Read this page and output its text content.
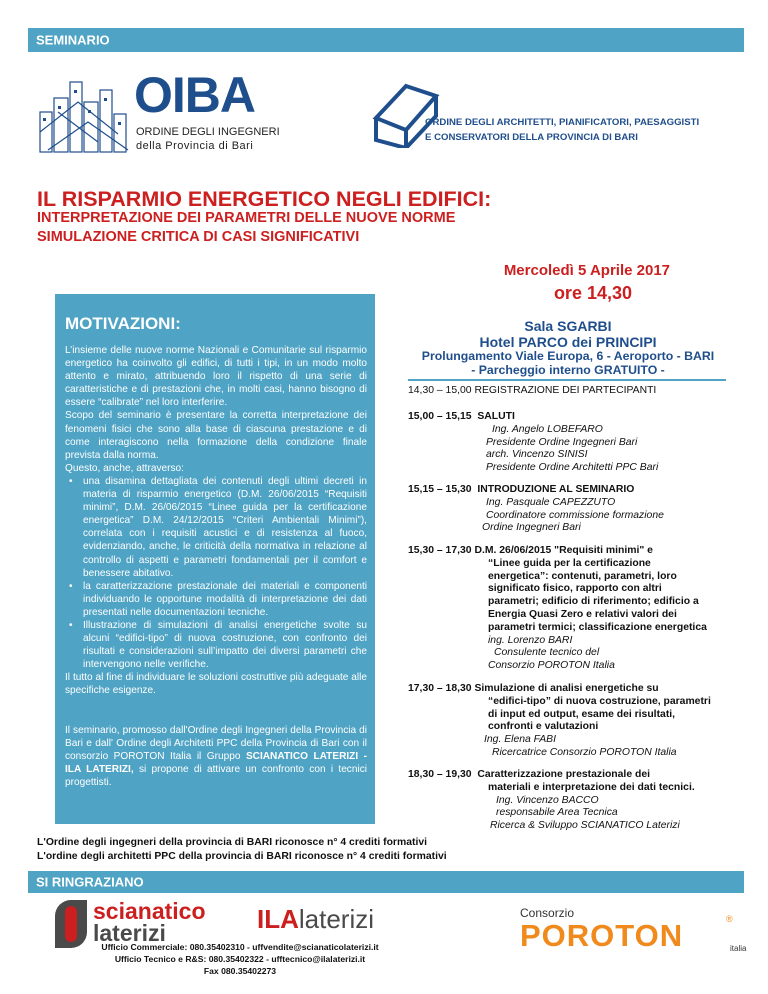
SEMINARIO
OIBA
ORDINE DEGLI INGEGNERI
della Provincia di Bari
ORDINE DEGLI ARCHITETTI, PIANIFICATORI, PAESAGGISTI
E CONSERVATORI DELLA PROVINCIA DI BARI
IL RISPARMIO ENERGETICO NEGLI EDIFICI:
INTERPRETAZIONE DEI PARAMETRI DELLE NUOVE NORME
SIMULAZIONE CRITICA DI CASI SIGNIFICATIVI
Mercoledì 5 Aprile 2017
ore 14,30
Sala SGARBI
Hotel PARCO dei PRINCIPI
Prolungamento Viale Europa, 6 - Aeroporto - BARI
- Parcheggio interno GRATUITO -
MOTIVAZIONI:

L’insieme delle nuove norme Nazionali e Comunitarie sul risparmio energetico ha coinvolto gli edifici, di tutti i tipi, in un modo molto attento e mirato, attribuendo loro il rispetto di una serie di caratteristiche e di prestazioni che, in molti casi, hanno bisogno di essere “calibrate” nel loro interferire.

Scopo del seminario è presentare la corretta interpretazione dei fenomeni fisici che sono alla base di ciascuna prestazione e di come interagiscono nella formazione della condizione finale prevista dalla norma.

Questo, anche, attraverso:

• una disamina dettagliata dei contenuti degli ultimi decreti in materia di risparmio energetico (D.M. 26/06/2015 “Requisiti minimi”, D.M. 26/06/2015 “Linee guida per la certificazione energetica” D.M. 24/12/2015 “Criteri Ambientali Minimi”), correlata con i requisiti acustici e di resistenza al fuoco, evidenziando, anche, le criticità della normativa in relazione al controllo di aspetti e parametri fondamentali per il comfort e benessere abitativo.
• la caratterizzazione prestazionale dei materiali e componenti individuando le opportune modalità di interpretazione dei dati presentati nelle documentazioni tecniche.
• Illustrazione di simulazioni di analisi energetiche svolte su alcuni “edifici-tipo” di nuova costruzione, con confronto dei risultati e considerazioni sull’impatto dei diversi parametri che intervengono nelle verifiche.

Il tutto al fine di individuare le soluzioni costruttive più adeguate alle specifiche esigenze.

Il seminario, promosso dall'Ordine degli Ingegneri della Provincia di Bari e dall' Ordine degli Architetti PPC della Provincia di Bari con il consorzio POROTON Italia il Gruppo SCIANATICO LATERIZI - ILA LATERIZI, si propone di attivare un confronto con i tecnici progettisti.

14,30 – 15,00 REGISTRAZIONE DEI PARTECIPANTI
15,00 – 15,15 SALUTI
Ing. Angelo LOBEFARO
Presidente Ordine Ingegneri Bari
arch. Vincenzo SINISI
Presidente Ordine Architetti PPC Bari
15,15 – 15,30 INTRODUZIONE AL SEMINARIO
Ing. Pasquale CAPEZZUTO
Coordinatore commissione formazione
Ordine Ingegneri Bari
15,30 – 17,30 D.M. 26/06/2015 "Requisiti minimi" e
“Linee guida per la certificazione
energetica”: contenuti, parametri, loro
significato fisico, rapporto con altri
parametri; edificio di riferimento; edificio a
Energia Quasi Zero e relativi valori dei
parametri termici; classificazione energetica
ing. Lorenzo BARI
Consulente tecnico del
Consorzio POROTON Italia
17,30 – 18,30 Simulazione di analisi energetiche su
“edifici-tipo” di nuova costruzione, parametri
di input ed output, esame dei risultati,
confronti e valutazioni
Ing. Elena FABI
Ricercatrice Consorzio POROTON Italia
18,30 – 19,30 Caratterizzazione prestazionale dei
materiali e interpretazione dei dati tecnici.
Ing. Vincenzo BACCO
responsabile Area Tecnica
Ricerca & Sviluppo SCIANATICO Laterizi
L'Ordine degli ingegneri della provincia di BARI riconosce n° 4 crediti formativi
L'ordine degli architetti PPC della provincia di BARI riconosce n° 4 crediti formativi
SI RINGRAZIANO
scianatico
laterizi	ILAlaterizi
Ufficio Commerciale: 080.35402310 - uffvendite@scianaticolaterizi.it
Ufficio Tecnico e R&S: 080.35402322 - ufftecnico@ilalaterizi.it
Fax 080.35402273
Consorzio
POROTON	italia
®
